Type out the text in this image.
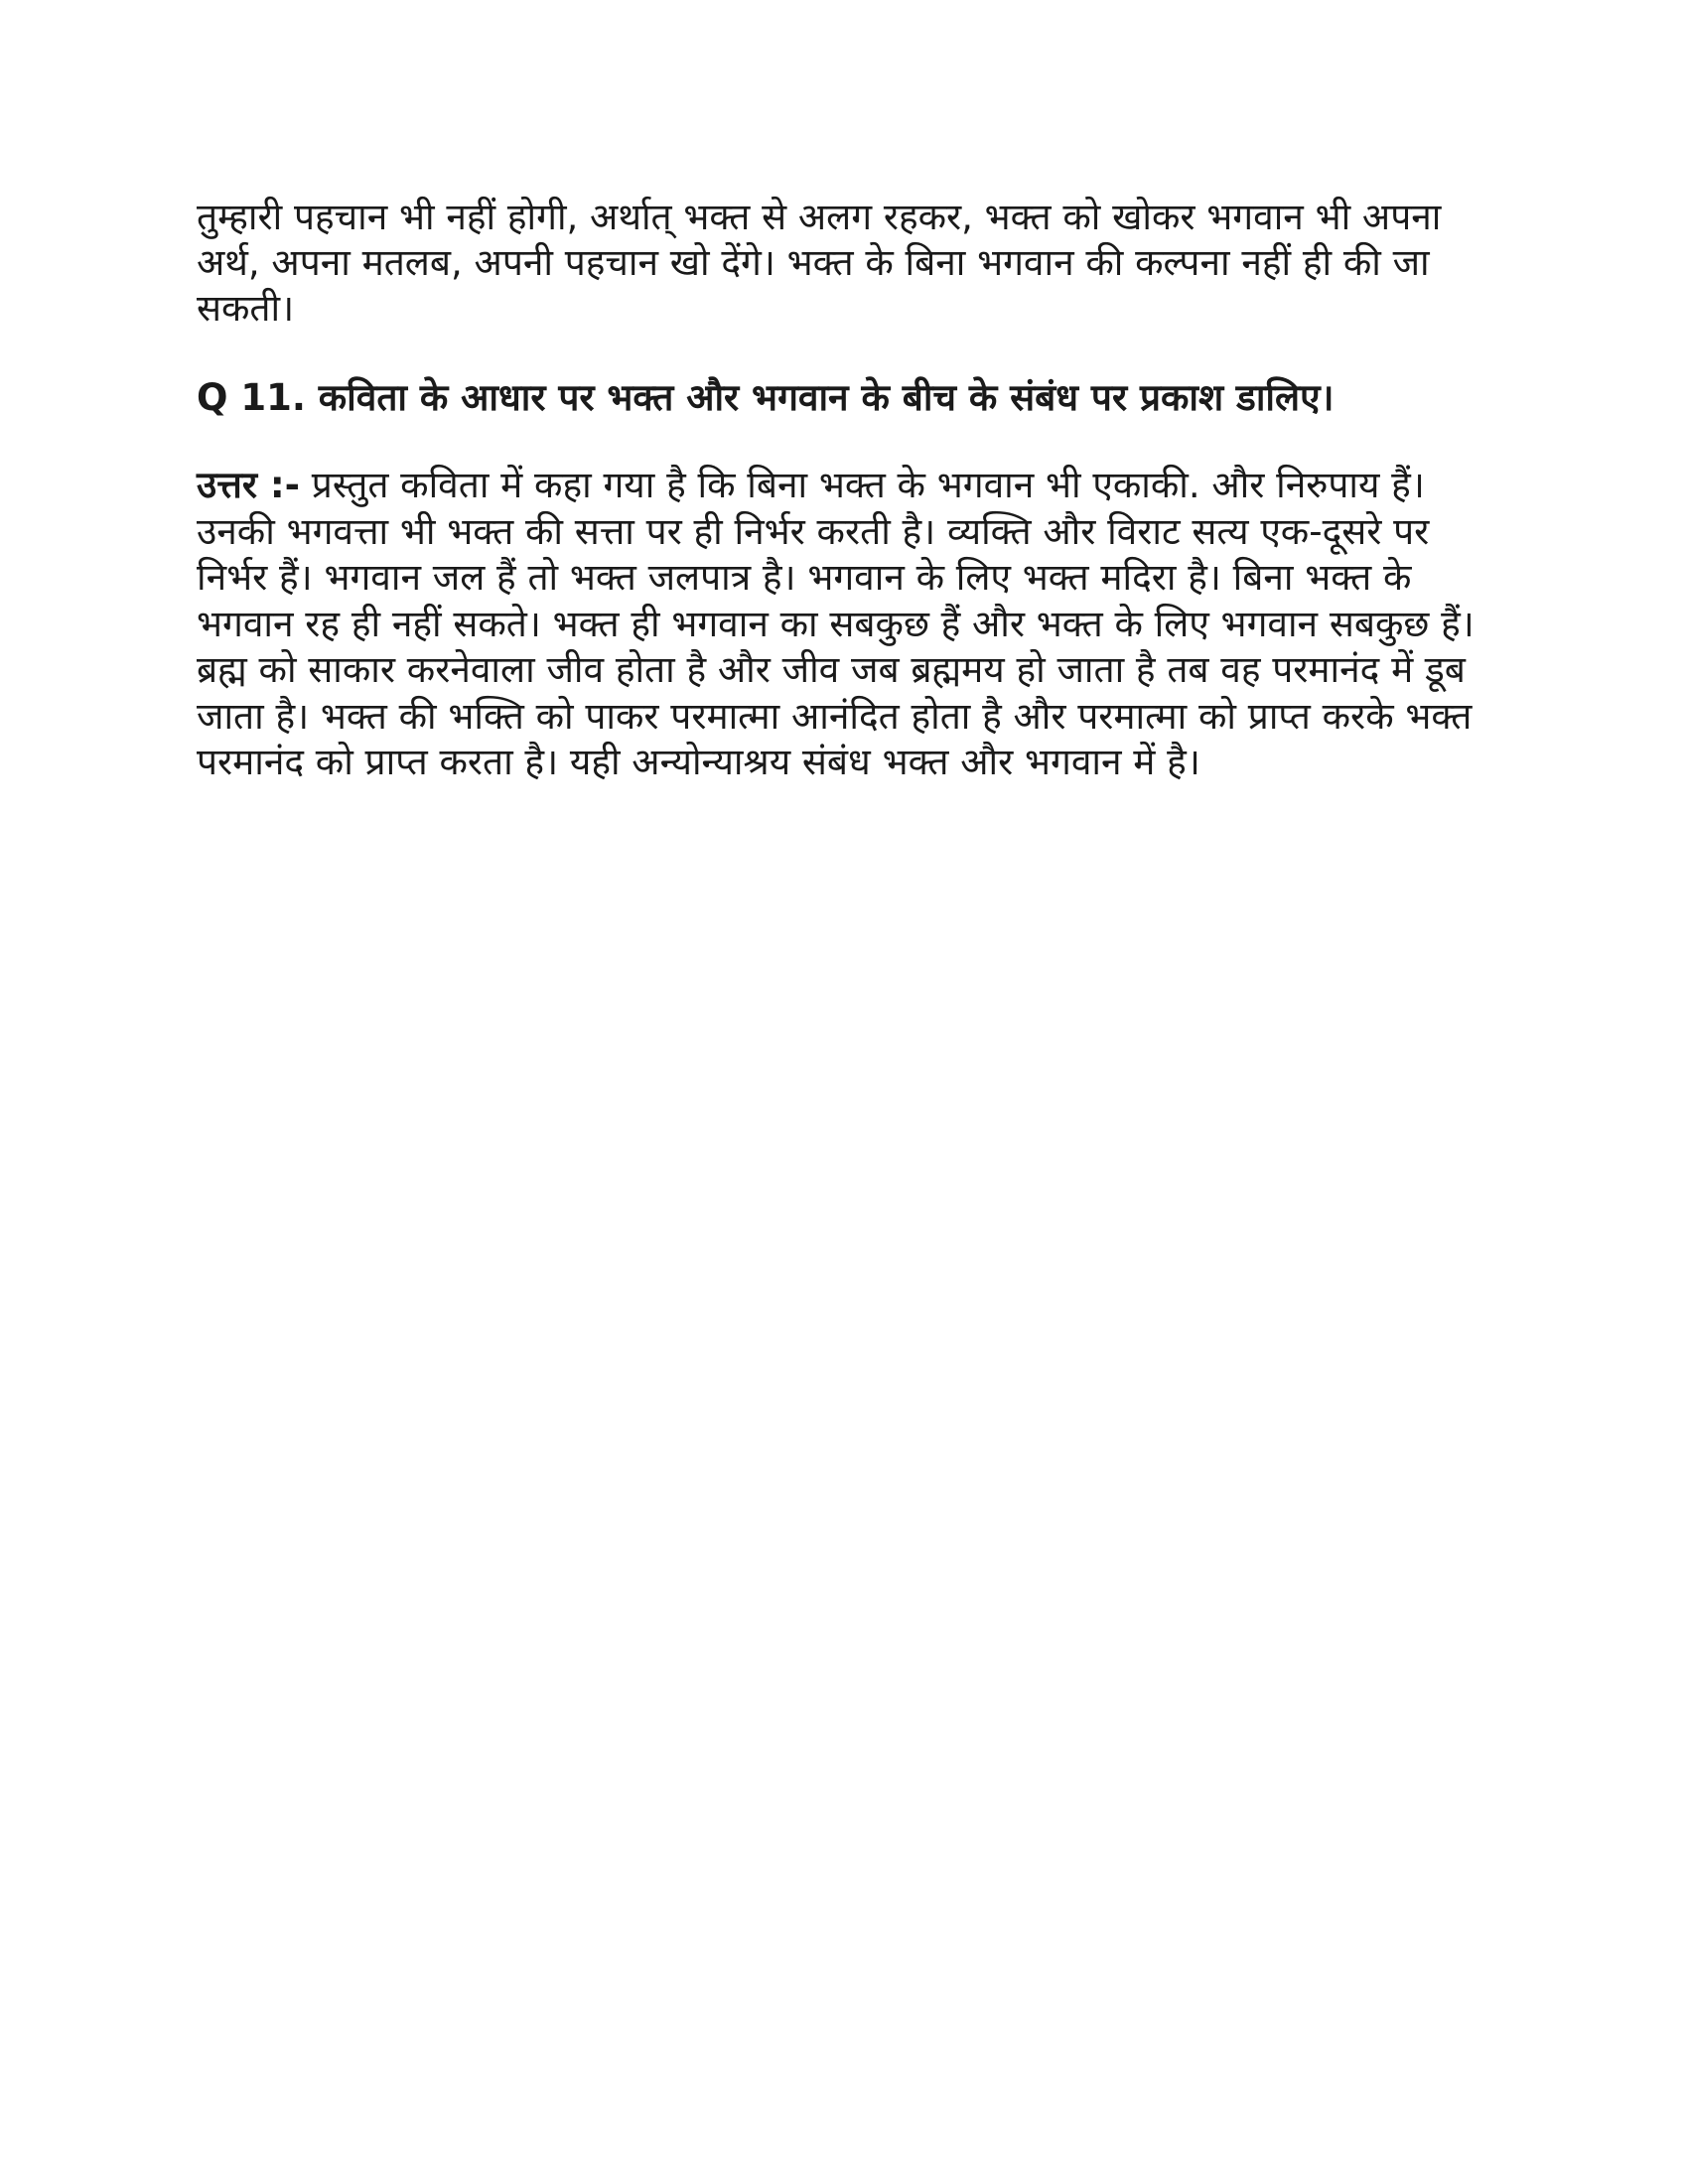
तुम्हारी पहचान भी नहीं होगी, अर्थात् भक्त से अलग रहकर, भक्त को खोकर भगवान भी अपना अर्थ, अपना मतलब, अपनी पहचान खो देंगे। भक्त के बिना भगवान की कल्पना नहीं ही की जा सकती।

Q 11. कविता के आधार पर भक्त और भगवान के बीच के संबंध पर प्रकाश डालिए।

उत्तर :- प्रस्तुत कविता में कहा गया है कि बिना भक्त के भगवान भी एकाकी. और निरुपाय हैं। उनकी भगवत्ता भी भक्त की सत्ता पर ही निर्भर करती है। व्यक्ति और विराट सत्य एक-दूसरे पर निर्भर हैं। भगवान जल हैं तो भक्त जलपात्र है। भगवान के लिए भक्त मदिरा है। बिना भक्त के भगवान रह ही नहीं सकते। भक्त ही भगवान का सबकुछ हैं और भक्त के लिए भगवान सबकुछ हैं। ब्रह्म को साकार करनेवाला जीव होता है और जीव जब ब्रह्ममय हो जाता है तब वह परमानंद में डूब जाता है। भक्त की भक्ति को पाकर परमात्मा आनंदित होता है और परमात्मा को प्राप्त करके भक्त परमानंद को प्राप्त करता है। यही अन्योन्याश्रय संबंध भक्त और भगवान में है।
